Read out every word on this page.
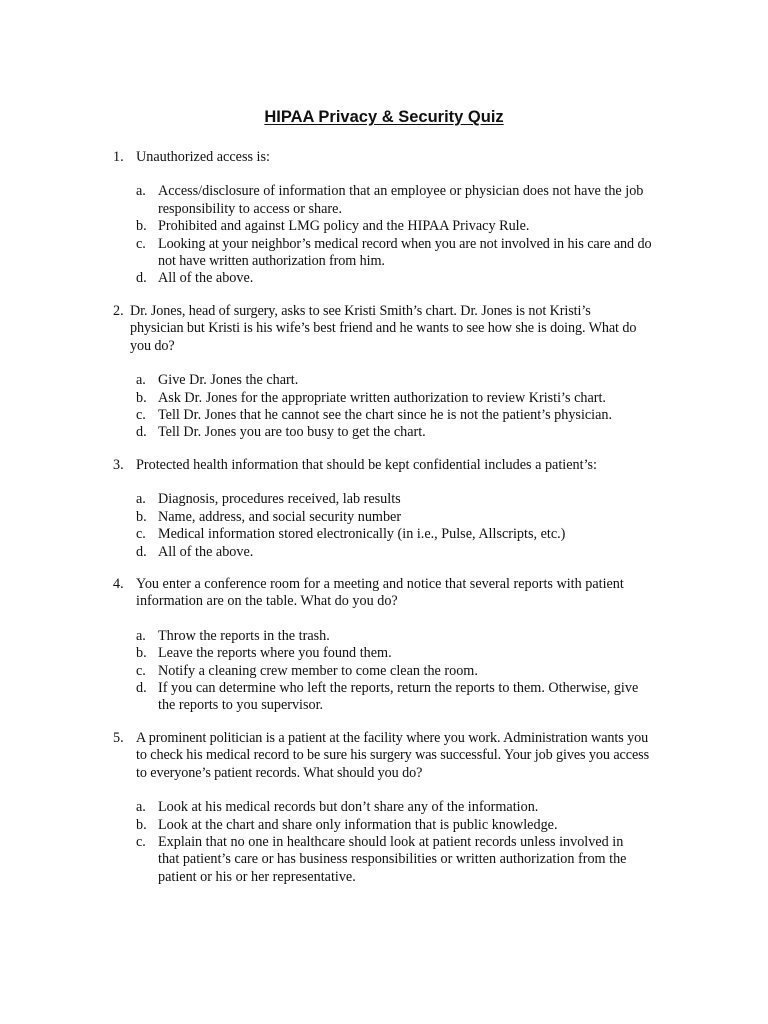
HIPAA Privacy & Security Quiz
1. Unauthorized access is:
a. Access/disclosure of information that an employee or physician does not have the job responsibility to access or share.
b. Prohibited and against LMG policy and the HIPAA Privacy Rule.
c. Looking at your neighbor’s medical record when you are not involved in his care and do not have written authorization from him.
d. All of the above.
2. Dr. Jones, head of surgery, asks to see Kristi Smith’s chart. Dr. Jones is not Kristi’s physician but Kristi is his wife’s best friend and he wants to see how she is doing. What do you do?
a. Give Dr. Jones the chart.
b. Ask Dr. Jones for the appropriate written authorization to review Kristi’s chart.
c. Tell Dr. Jones that he cannot see the chart since he is not the patient’s physician.
d. Tell Dr. Jones you are too busy to get the chart.
3. Protected health information that should be kept confidential includes a patient’s:
a. Diagnosis, procedures received, lab results
b. Name, address, and social security number
c. Medical information stored electronically (in i.e., Pulse, Allscripts, etc.)
d. All of the above.
4. You enter a conference room for a meeting and notice that several reports with patient information are on the table. What do you do?
a. Throw the reports in the trash.
b. Leave the reports where you found them.
c. Notify a cleaning crew member to come clean the room.
d. If you can determine who left the reports, return the reports to them. Otherwise, give the reports to you supervisor.
5. A prominent politician is a patient at the facility where you work. Administration wants you to check his medical record to be sure his surgery was successful. Your job gives you access to everyone’s patient records. What should you do?
a. Look at his medical records but don’t share any of the information.
b. Look at the chart and share only information that is public knowledge.
c. Explain that no one in healthcare should look at patient records unless involved in that patient’s care or has business responsibilities or written authorization from the patient or his or her representative.
